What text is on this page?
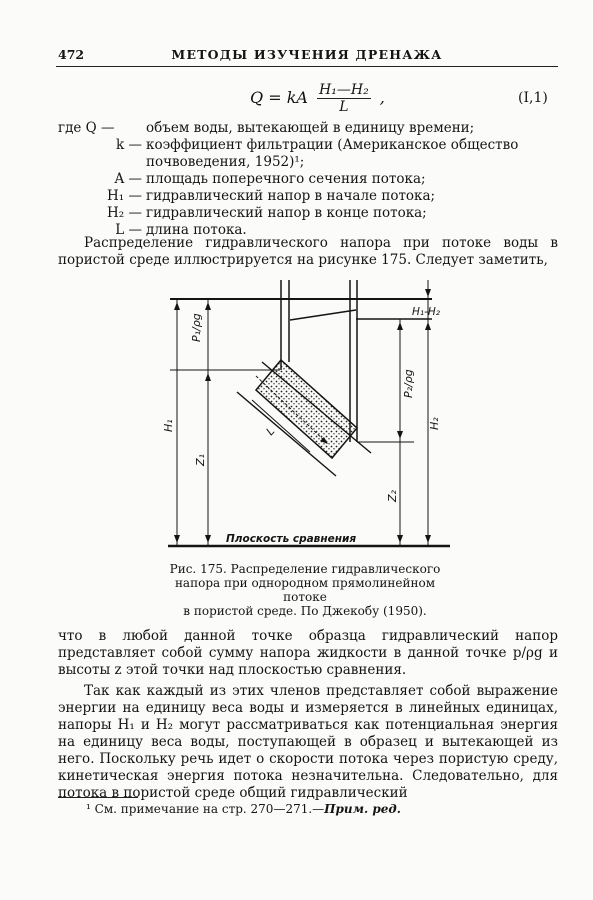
472	МЕТОДЫ ИЗУЧЕНИЯ ДРЕНАЖА
Q = kA $\frac{\text{H₁—H₂}}{L}$ ,	(I,1)
где Q —	объем воды, вытекающей в единицу времени;
k — коэффициент фильтрации (Американское общество почвоведения, 1952)¹;
A — площадь поперечного сечения потока;
H₁ — гидравлический напор в начале потока;
H₂ — гидравлический напор в конце потока;
L — длина потока.
Распределение гидравлического напора при потоке воды в пористой среде иллюстрируется на рисунке 175. Следует заметить,
H₁-H₂
P₁/ρg
P₂/ρg
H₁	H₂
Z₁
Z₂
L
Плоскость сравнения
Рис. 175. Распределение гидравлического
напора при однородном прямолинейном потоке
в пористой среде. По Джекобу (1950).
что в любой данной точке образца гидравлический напор представляет собой сумму напора жидкости в данной точке p/ρg и высоты z этой точки над плоскостью сравнения.
Так как каждый из этих членов представляет собой выражение энергии на единицу веса воды и измеряется в линейных единицах, напоры H₁ и H₂ могут рассматриваться как потенциальная энергия на единицу веса воды, поступающей в образец и вытекающей из него. Поскольку речь идет о скорости потока через пористую среду, кинетическая энергия потока незначительна. Следовательно, для потока в пористой среде общий гидравлический
¹ См. примечание на стр. 270—271.—Прим. ред.
